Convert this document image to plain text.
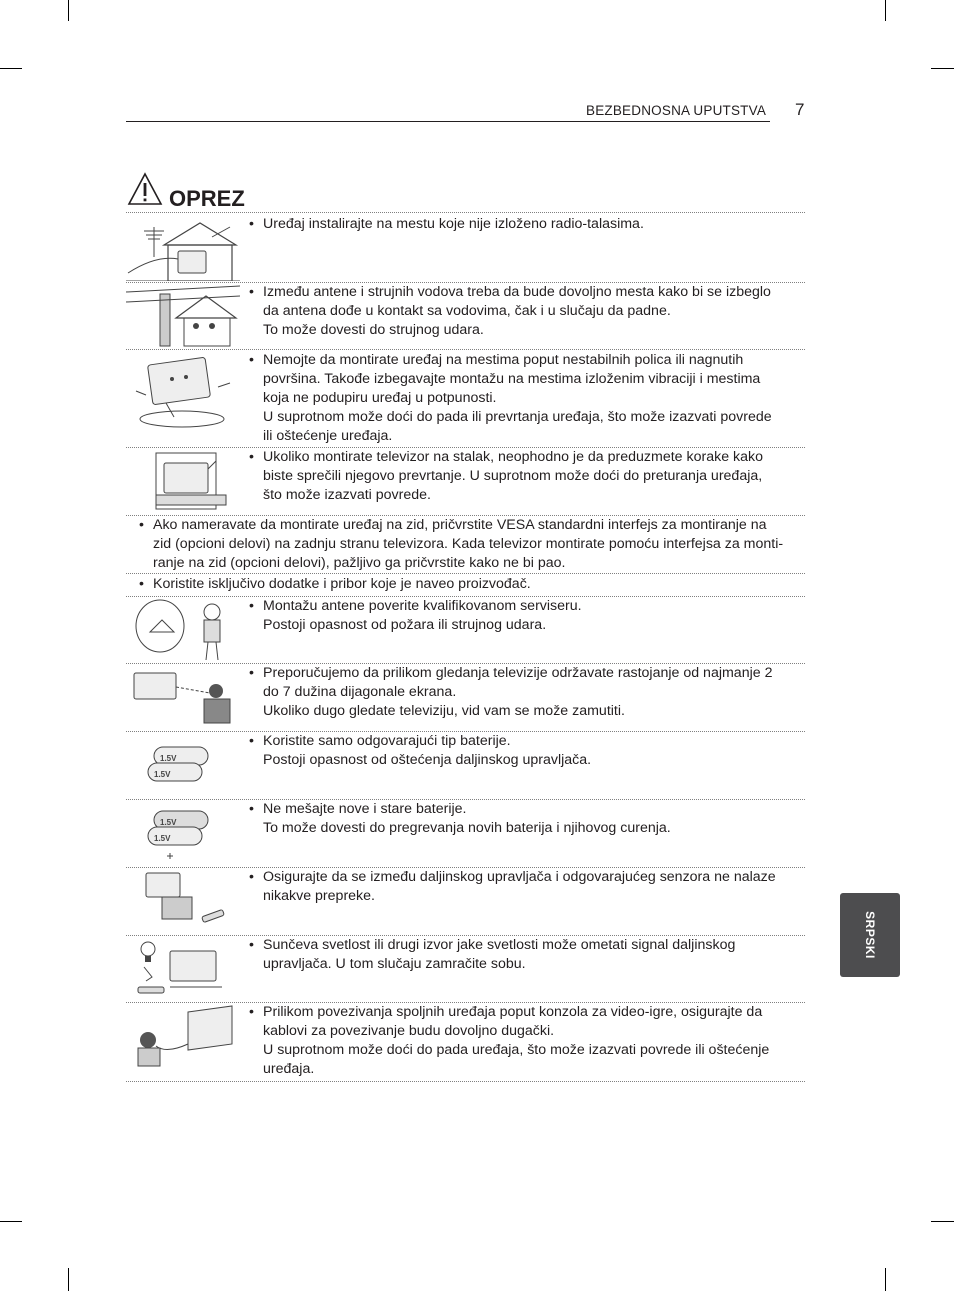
BEZBEDNOSNA UPUTSTVA 7
OPREZ
1.5V
1.5V
1.5V
1.5V
• Uređaj instalirajte na mestu koje nije izloženo radio-talasima.

• Između antene i strujnih vodova treba da bude dovoljno mesta kako bi se izbeglo
da antena dođe u kontakt sa vodovima, čak i u slučaju da padne.
To može dovesti do strujnog udara.

• Nemojte da montirate uređaj na mestima poput nestabilnih polica ili nagnutih
površina. Takođe izbegavajte montažu na mestima izloženim vibraciji i mestima
koja ne podupiru uređaj u potpunosti.
U suprotnom može doći do pada ili prevrtanja uređaja, što može izazvati povrede
ili oštećenje uređaja.

• Ukoliko montirate televizor na stalak, neophodno je da preduzmete korake kako
biste sprečili njegovo prevrtanje. U suprotnom može doći do preturanja uređaja,
što može izazvati povrede.

• Ako nameravate da montirate uređaj na zid, pričvrstite VESA standardni interfejs za montiranje na
zid (opcioni delovi) na zadnju stranu televizora. Kada televizor montirate pomoću interfejsa za monti-
ranje na zid (opcioni delovi), pažljivo ga pričvrstite kako ne bi pao.

• Koristite isključivo dodatke i pribor koje je naveo proizvođač.

• Montažu antene poverite kvalifikovanom serviseru.
Postoji opasnost od požara ili strujnog udara.

• Preporučujemo da prilikom gledanja televizije održavate rastojanje od najmanje 2
do 7 dužina dijagonale ekrana.
Ukoliko dugo gledate televiziju, vid vam se može zamutiti.

• Koristite samo odgovarajući tip baterije.
Postoji opasnost od oštećenja daljinskog upravljača.

• Ne mešajte nove i stare baterije.
To može dovesti do pregrevanja novih baterija i njihovog curenja.

• Osigurajte da se između daljinskog upravljača i odgovarajućeg senzora ne nalaze
nikakve prepreke.

• Sunčeva svetlost ili drugi izvor jake svetlosti može ometati signal daljinskog
upravljača. U tom slučaju zamračite sobu.

• Prilikom povezivanja spoljnih uređaja poput konzola za video-igre, osigurajte da
kablovi za povezivanje budu dovoljno dugački.
U suprotnom može doći do pada uređaja, što može izazvati povrede ili oštećenje
uređaja.

SRPSKI
